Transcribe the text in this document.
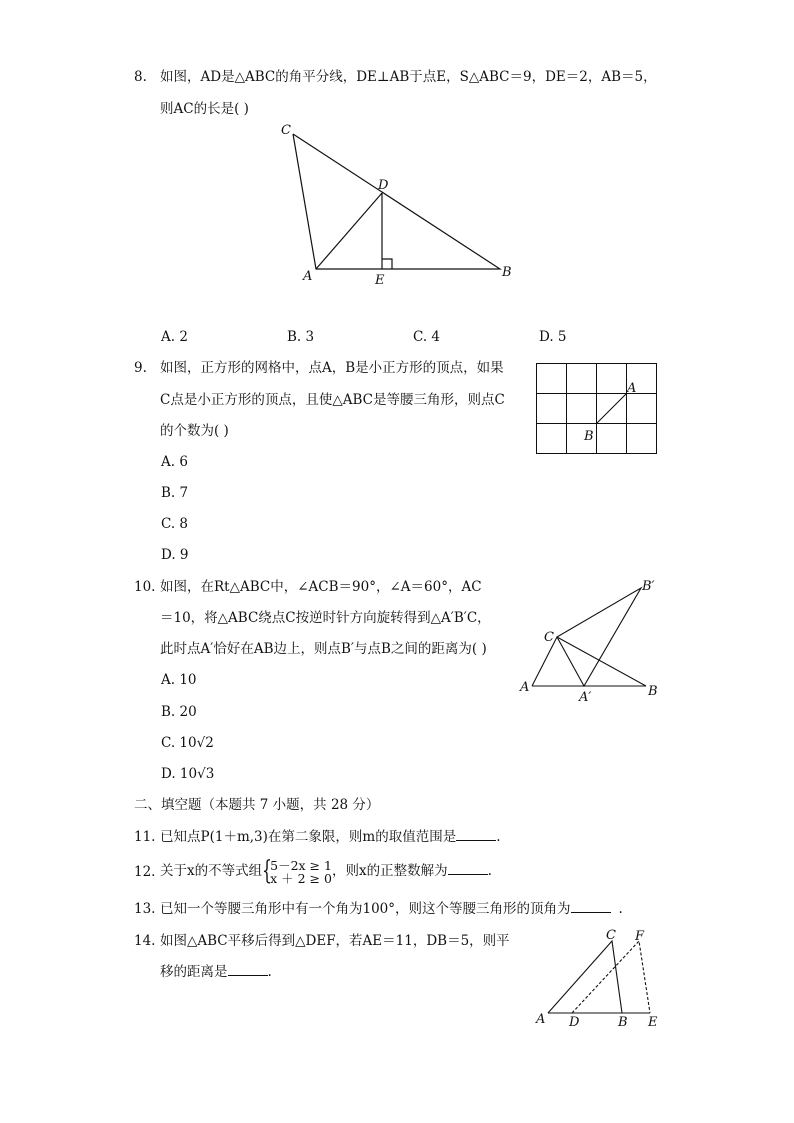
8. 如图，AD是△ABC的角平分线，DE⊥AB于点E，S△ABC＝9，DE＝2，AB＝5，
则AC的长是( )
C
D
A	E
B
A. 2	B. 3	C. 4	D. 5
9. 如图，正方形的网格中，点A，B是小正方形的顶点，如果
C点是小正方形的顶点，且使△ABC是等腰三角形，则点C
的个数为( )
A
B
A. 6
B. 7
C. 8
D. 9
10. 如图，在Rt△ABC中，∠ACB＝90°，∠A＝60°，AC
＝10，将△ABC绕点C按逆时针方向旋转得到△A′B′C，
此时点A′恰好在AB边上，则点B′与点B之间的距离为( )
B′
C
A
A′	B
A. 10
B. 20
C. 10√2
D. 10√3
二、填空题（本题共 7 小题，共 28 分）
11. 已知点P(1＋m,3)在第二象限，则m的取值范围是	.
12. 关于x的不等式组 {
5－2x ≥ 1
x ＋ 2 ≥ 0 ，则x的正整数解为	.
13. 已知一个等腰三角形中有一个角为100°，则这个等腰三角形的顶角为	.
14. 如图△ABC平移后得到△DEF，若AE＝11，DB＝5，则平
移的距离是	.
C F
A D	B E
